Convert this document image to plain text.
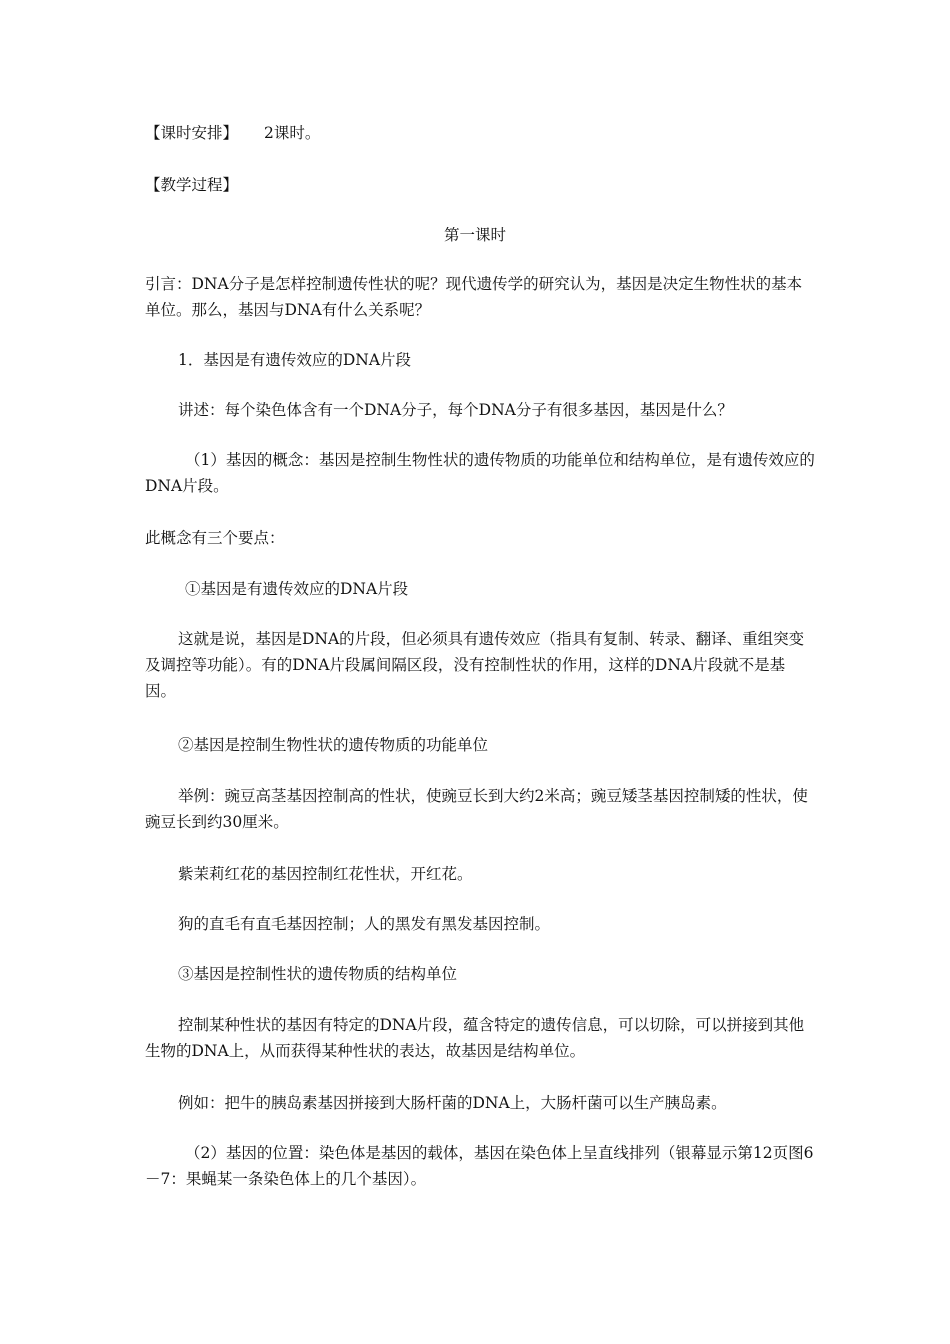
【课时安排】 2课时。

【教学过程】

第一课时

引言：DNA分子是怎样控制遗传性状的呢？现代遗传学的研究认为，基因是决定生物性状的基本单位。那么，基因与DNA有什么关系呢？

1．基因是有遗传效应的DNA片段

讲述：每个染色体含有一个DNA分子，每个DNA分子有很多基因，基因是什么？

（1）基因的概念：基因是控制生物性状的遗传物质的功能单位和结构单位，是有遗传效应的DNA片段。

此概念有三个要点：

①基因是有遗传效应的DNA片段

这就是说，基因是DNA的片段，但必须具有遗传效应（指具有复制、转录、翻译、重组突变及调控等功能）。有的DNA片段属间隔区段，没有控制性状的作用，这样的DNA片段就不是基因。

②基因是控制生物性状的遗传物质的功能单位

举例：豌豆高茎基因控制高的性状，使豌豆长到大约2米高；豌豆矮茎基因控制矮的性状，使豌豆长到约30厘米。

紫茉莉红花的基因控制红花性状，开红花。

狗的直毛有直毛基因控制；人的黑发有黑发基因控制。

③基因是控制性状的遗传物质的结构单位

控制某种性状的基因有特定的DNA片段，蕴含特定的遗传信息，可以切除，可以拼接到其他生物的DNA上，从而获得某种性状的表达，故基因是结构单位。

例如：把牛的胰岛素基因拼接到大肠杆菌的DNA上，大肠杆菌可以生产胰岛素。

（2）基因的位置：染色体是基因的载体，基因在染色体上呈直线排列（银幕显示第12页图6－7：果蝇某一条染色体上的几个基因）。
